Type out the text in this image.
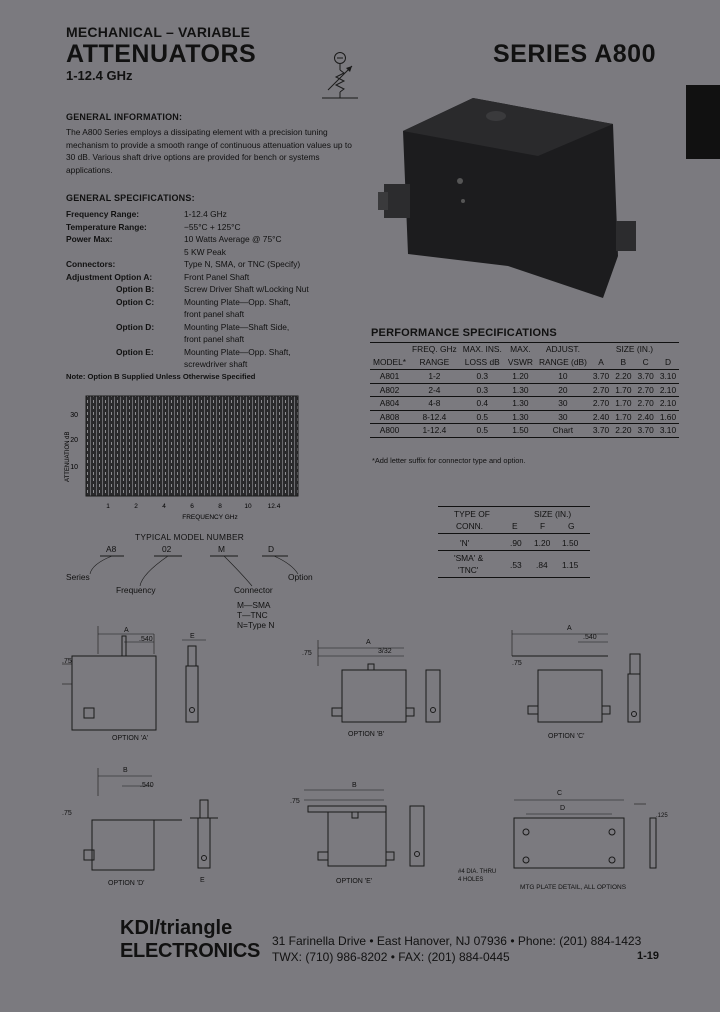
MECHANICAL – VARIABLE
ATTENUATORS
1-12.4 GHz
SERIES A800
GENERAL INFORMATION:
The A800 Series employs a dissipating element with a precision tuning mechanism to provide a smooth range of continuous attenuation values up to 30 dB. Various shaft drive options are provided for bench or systems applications.
GENERAL SPECIFICATIONS:
Frequency Range:	1-12.4 GHz
Temperature Range:	−55°C + 125°C
Power Max:	10 Watts Average @ 75°C
5 KW Peak
Connectors:	Type N, SMA, or TNC (Specify)
Adjustment Option A:	Front Panel Shaft
Option B:	Screw Driver Shaft w/Locking Nut
Option C:	Mounting Plate—Opp. Shaft,
front panel shaft
Option D:	Mounting Plate—Shaft Side,
front panel shaft
Option E:	Mounting Plate—Opp. Shaft,
screwdriver shaft
Note: Option B Supplied Unless Otherwise Specified
30
20
10
1	2	4	6	8	10 12.4
FREQUENCY GHz
ATTENUATION dB
PERFORMANCE SPECIFICATIONS
	FREQ. GHz	MAX. INS.	MAX.	ADJUST.	SIZE (IN.)			
MODEL*	RANGE	LOSS dB	VSWR	RANGE (dB)	A	B	C	D
A801	1-2	0.3	1.20	10	3.70	2.20	3.70	3.10
A802	2-4	0.3	1.30	20	2.70	1.70	2.70	2.10
A804	4-8	0.4	1.30	30	2.70	1.70	2.70	2.10
A808	8-12.4	0.5	1.30	30	2.40	1.70	2.40	1.60
A800	1-12.4	0.5	1.50	Chart	3.70	2.20	3.70	3.10
*Add letter suffix for connector type and option.
TYPE OF	SIZE (IN.)
CONN.	E	F	G
'N'	.90 1.20 1.50
'SMA' &
'TNC'	.53 .84 1.15
TYPICAL MODEL NUMBER
A8	02	M	D
Series
Frequency	Connector
Option
M—SMA
T—TNC
N=Type N
A
.540
.75
OPTION 'A'
E
.75
A
3/32
OPTION 'B'
A
.540
.75
OPTION 'C'
B
.540
.75
OPTION 'D'	E
.75
B
OPTION 'E'
C
D
.125
#4 DIA. THRU
4 HOLES
MTG PLATE DETAIL, ALL OPTIONS
KDI/triangle
ELECTRONICS 31 Farinella Drive • East Hanover, NJ 07936 • Phone: (201) 884-1423
TWX: (710) 986-8202 • FAX: (201) 884-0445	1-19
